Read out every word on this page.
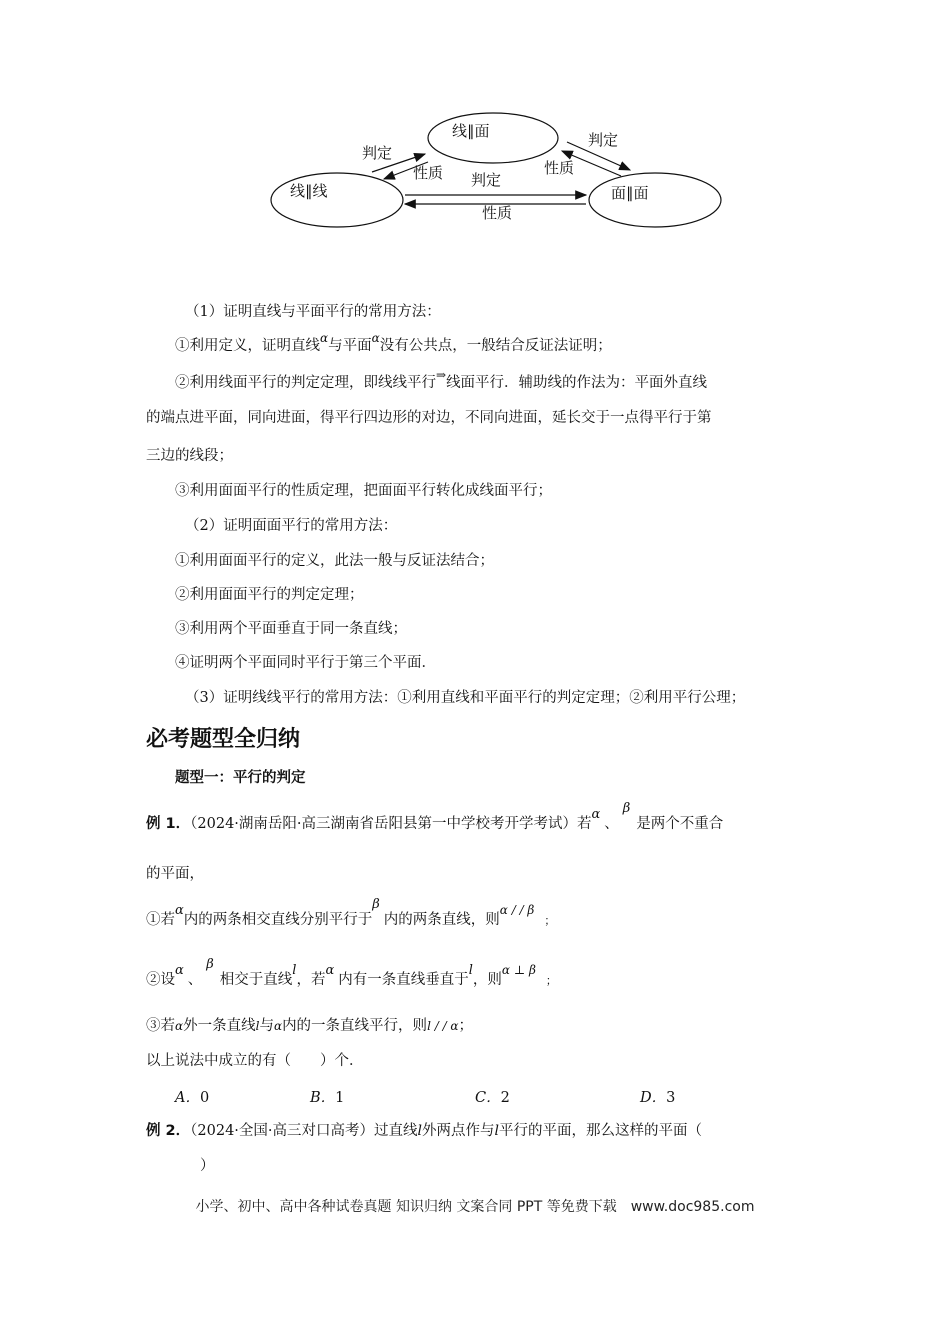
线∥面
线∥线	面∥面
判定
性质
判定
性质
判定
性质
（1）证明直线与平面平行的常用方法：
①利用定义，证明直线$^\alpha$与平面$^\alpha$没有公共点，一般结合反证法证明；
②利用线面平行的判定定理，即线线平行⇒线面平行．辅助线的作法为：平面外直线
的端点进平面，同向进面，得平行四边形的对边，不同向进面，延长交于一点得平行于第
三边的线段；
③利用面面平行的性质定理，把面面平行转化成线面平行；
（2）证明面面平行的常用方法：
①利用面面平行的定义，此法一般与反证法结合；
②利用面面平行的判定定理；
③利用两个平面垂直于同一条直线；
④证明两个平面同时平行于第三个平面．
（3）证明线线平行的常用方法：①利用直线和平面平行的判定定理；②利用平行公理；
必考题型全归纳
题型一：平行的判定
例 1．（2024·湖南岳阳·高三湖南省岳阳县第一中学校考开学考试）若α、β是两个不重合
的平面，
①若α内的两条相交直线分别平行于β内的两条直线，则$^{\alpha / / \beta}$；
②设α、β相交于直线l，若α内有一条直线垂直于l，则$^{\alpha \perp \beta}$；
③若α外一条直线l与α内的一条直线平行，则l / / α；
以上说法中成立的有（　　）个．
A．0	B．1	C．2	D．3
例 2．（2024·全国·高三对口高考）过直线l外两点作与l平行的平面，那么这样的平面（
）
小学、初中、高中各种试卷真题 知识归纳 文案合同 PPT 等免费下载　www.doc985.com
